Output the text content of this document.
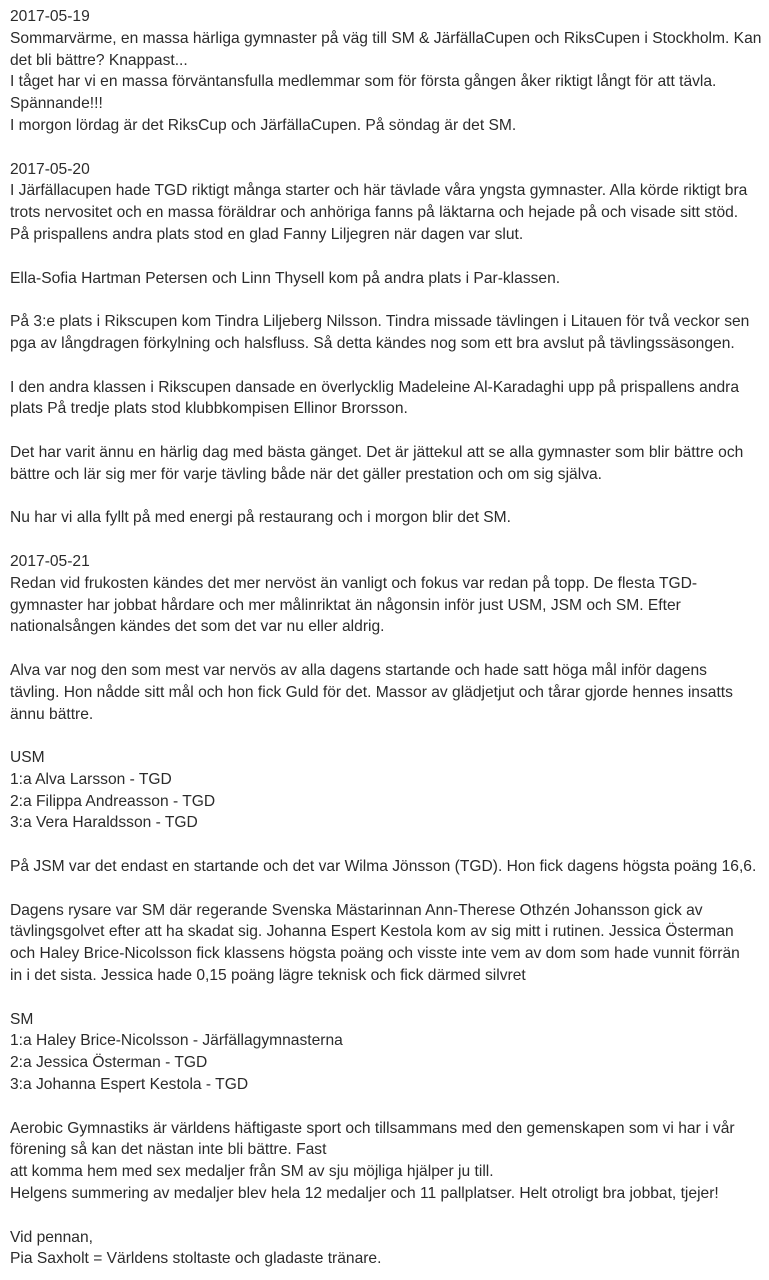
2017-05-19
Sommarvärme, en massa härliga gymnaster på väg till SM & JärfällaCupen och RiksCupen i Stockholm. Kan
det bli bättre? Knappast...
I tåget har vi en massa förväntansfulla medlemmar som för första gången åker riktigt långt för att tävla.
Spännande!!!
I morgon lördag är det RiksCup och JärfällaCupen. På söndag är det SM.
2017-05-20
I Järfällacupen hade TGD riktigt många starter och här tävlade våra yngsta gymnaster. Alla körde riktigt bra
trots nervositet och en massa föräldrar och anhöriga fanns på läktarna och hejade på och visade sitt stöd.
På prispallens andra plats stod en glad Fanny Liljegren när dagen var slut.
Ella-Sofia Hartman Petersen och Linn Thysell kom på andra plats i Par-klassen.
På 3:e plats i Rikscupen kom Tindra Liljeberg Nilsson. Tindra missade tävlingen i Litauen för två veckor sen
pga av långdragen förkylning och halsfluss. Så detta kändes nog som ett bra avslut på tävlingssäsongen.
I den andra klassen i Rikscupen dansade en överlycklig Madeleine Al-Karadaghi upp på prispallens andra
plats På tredje plats stod klubbkompisen Ellinor Brorsson.
Det har varit ännu en härlig dag med bästa gänget. Det är jättekul att se alla gymnaster som blir bättre och
bättre och lär sig mer för varje tävling både när det gäller prestation och om sig själva.
Nu har vi alla fyllt på med energi på restaurang och i morgon blir det SM.
2017-05-21
Redan vid frukosten kändes det mer nervöst än vanligt och fokus var redan på topp. De flesta TGD-
gymnaster har jobbat hårdare och mer målinriktat än någonsin inför just USM, JSM och SM. Efter
nationalsången kändes det som det var nu eller aldrig.
Alva var nog den som mest var nervös av alla dagens startande och hade satt höga mål inför dagens
tävling. Hon nådde sitt mål och hon fick Guld för det. Massor av glädjetjut och tårar gjorde hennes insatts
ännu bättre.
USM
1:a Alva Larsson - TGD
2:a Filippa Andreasson - TGD
3:a Vera Haraldsson - TGD
På JSM var det endast en startande och det var Wilma Jönsson (TGD). Hon fick dagens högsta poäng 16,6.
Dagens rysare var SM där regerande Svenska Mästarinnan Ann-Therese Othzén Johansson gick av
tävlingsgolvet efter att ha skadat sig. Johanna Espert Kestola kom av sig mitt i rutinen. Jessica Österman
och Haley Brice-Nicolsson fick klassens högsta poäng och visste inte vem av dom som hade vunnit förrän
in i det sista. Jessica hade 0,15 poäng lägre teknisk och fick därmed silvret
SM
1:a Haley Brice-Nicolsson - Järfällagymnasterna
2:a Jessica Österman - TGD
3:a Johanna Espert Kestola - TGD
Aerobic Gymnastiks är världens häftigaste sport och tillsammans med den gemenskapen som vi har i vår
förening så kan det nästan inte bli bättre. Fast
att komma hem med sex medaljer från SM av sju möjliga hjälper ju till.
Helgens summering av medaljer blev hela 12 medaljer och 11 pallplatser. Helt otroligt bra jobbat, tjejer!
Vid pennan,
Pia Saxholt = Världens stoltaste och gladaste tränare.
